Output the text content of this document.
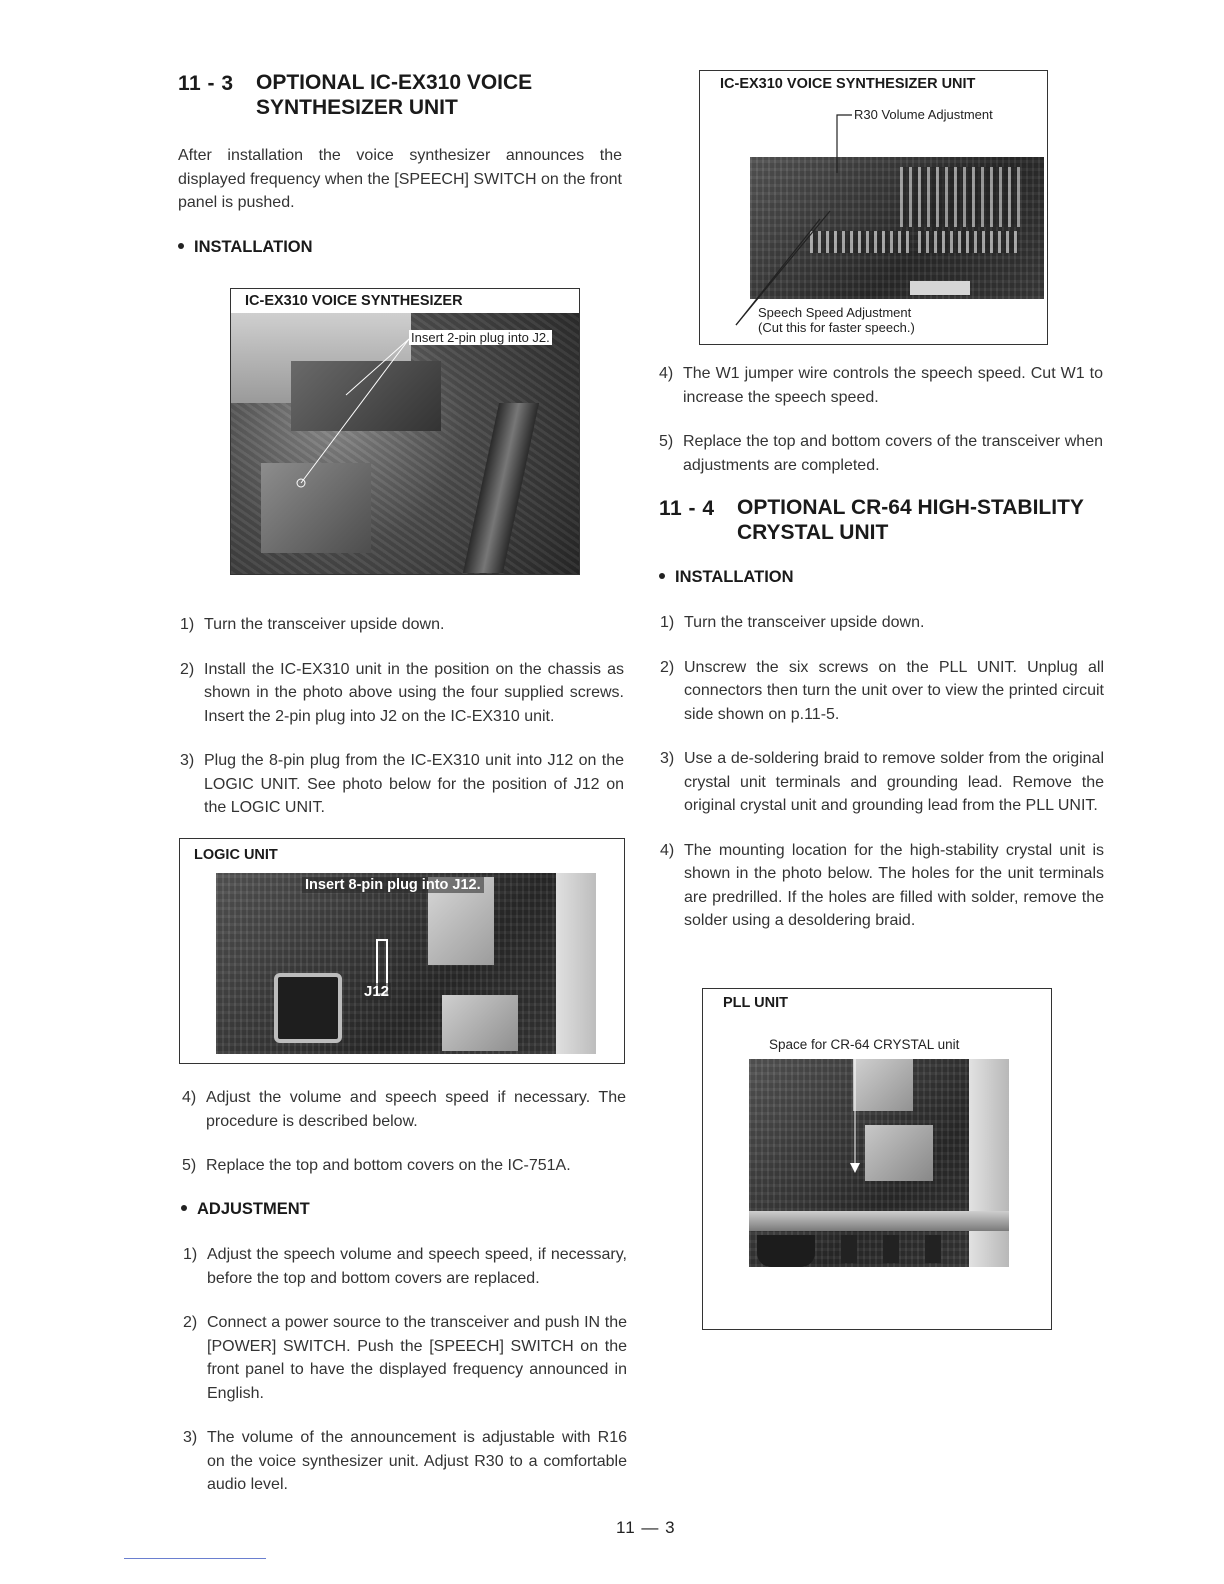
11 - 3 OPTIONAL IC-EX310 VOICE
SYNTHESIZER UNIT
After installation the voice synthesizer announces the displayed frequency when the [SPEECH] SWITCH on the front panel is pushed.
INSTALLATION
IC-EX310 VOICE SYNTHESIZER
Insert 2-pin plug into J2.
1) Turn the transceiver upside down.
2) Install the IC-EX310 unit in the position on the chassis as shown in the photo above using the four supplied screws. Insert the 2-pin plug into J2 on the IC-EX310 unit.
3) Plug the 8-pin plug from the IC-EX310 unit into J12 on the LOGIC UNIT. See photo below for the position of J12 on the LOGIC UNIT.
LOGIC UNIT
Insert 8-pin plug into J12.
J12
4) Adjust the volume and speech speed if necessary. The procedure is described below.
5) Replace the top and bottom covers on the IC-751A.
ADJUSTMENT
1) Adjust the speech volume and speech speed, if necessary, before the top and bottom covers are replaced.
2) Connect a power source to the transceiver and push IN the [POWER] SWITCH. Push the [SPEECH] SWITCH on the front panel to have the displayed frequency announced in English.
3) The volume of the announcement is adjustable with R16 on the voice synthesizer unit. Adjust R30 to a comfortable audio level.
IC-EX310 VOICE SYNTHESIZER UNIT
R30 Volume Adjustment
Speech Speed Adjustment
(Cut this for faster speech.)
4) The W1 jumper wire controls the speech speed. Cut W1 to increase the speech speed.
5) Replace the top and bottom covers of the transceiver when adjustments are completed.
11 - 4 OPTIONAL CR-64 HIGH-STABILITY
CRYSTAL UNIT
INSTALLATION
1) Turn the transceiver upside down.
2) Unscrew the six screws on the PLL UNIT. Unplug all connectors then turn the unit over to view the printed circuit side shown on p.11-5.
3) Use a de-soldering braid to remove solder from the original crystal unit terminals and grounding lead. Remove the original crystal unit and grounding lead from the PLL UNIT.
4) The mounting location for the high-stability crystal unit is shown in the photo below. The holes for the unit terminals are predrilled. If the holes are filled with solder, remove the solder using a desoldering braid.
PLL UNIT
Space for CR-64 CRYSTAL unit
11 — 3
